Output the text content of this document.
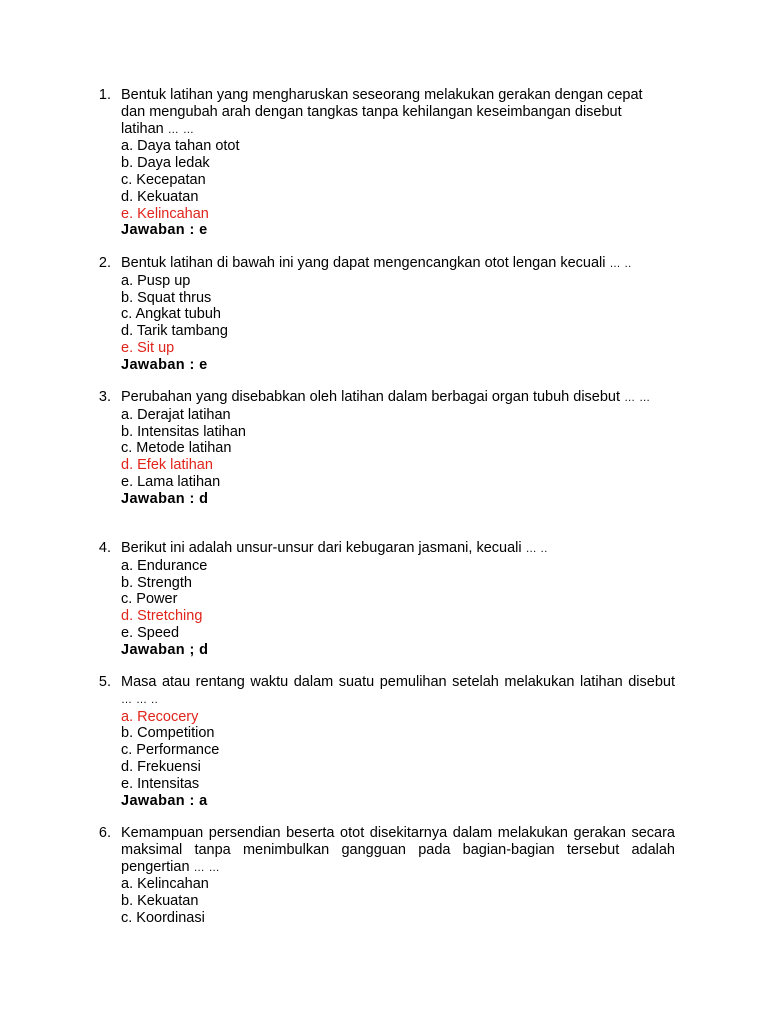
1. Bentuk latihan yang mengharuskan seseorang melakukan gerakan dengan cepat dan mengubah arah dengan tangkas tanpa kehilangan keseimbangan disebut latihan … …
a. Daya tahan otot
b. Daya ledak
c. Kecepatan
d. Kekuatan
e. Kelincahan
Jawaban : e
2. Bentuk latihan di bawah ini yang dapat mengencangkan otot lengan kecuali … ..
a. Pusp up
b. Squat thrus
c. Angkat tubuh
d. Tarik tambang
e. Sit up
Jawaban : e
3. Perubahan yang disebabkan oleh latihan dalam berbagai organ tubuh disebut … …
a. Derajat latihan
b. Intensitas latihan
c. Metode latihan
d. Efek latihan
e. Lama latihan
Jawaban : d
4. Berikut ini adalah unsur-unsur dari kebugaran jasmani, kecuali … ..
a. Endurance
b. Strength
c. Power
d. Stretching
e. Speed
Jawaban ; d
5. Masa atau rentang waktu dalam suatu pemulihan setelah melakukan latihan disebut … … ..
a. Recocery
b. Competition
c. Performance
d. Frekuensi
e. Intensitas
Jawaban : a
6. Kemampuan persendian beserta otot disekitarnya dalam melakukan gerakan secara maksimal tanpa menimbulkan gangguan pada bagian-bagian tersebut adalah pengertian … …
a. Kelincahan
b. Kekuatan
c. Koordinasi
